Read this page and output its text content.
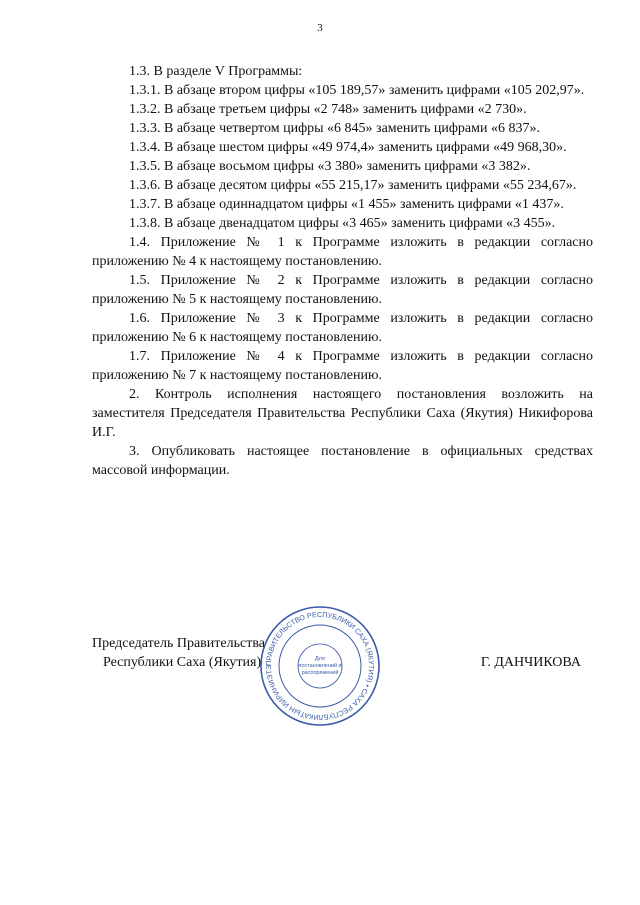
3

1.3. В разделе V Программы:

1.3.1. В абзаце втором цифры «105 189,57» заменить цифрами «105 202,97».

1.3.2. В абзаце третьем цифры «2 748» заменить цифрами «2 730».

1.3.3. В абзаце четвертом цифры «6 845» заменить цифрами «6 837».

1.3.4. В абзаце шестом цифры «49 974,4» заменить цифрами «49 968,30».

1.3.5. В абзаце восьмом цифры «3 380» заменить цифрами «3 382».

1.3.6. В абзаце десятом цифры «55 215,17» заменить цифрами «55 234,67».

1.3.7. В абзаце одиннадцатом цифры «1 455» заменить цифрами «1 437».

1.3.8. В абзаце двенадцатом цифры «3 465» заменить цифрами «3 455».

1.4. Приложение № 1 к Программе изложить в редакции согласно приложению № 4 к настоящему постановлению.

1.5. Приложение № 2 к Программе изложить в редакции согласно приложению № 5 к настоящему постановлению.

1.6. Приложение № 3 к Программе изложить в редакции согласно приложению № 6 к настоящему постановлению.

1.7. Приложение № 4 к Программе изложить в редакции согласно приложению № 7 к настоящему постановлению.

2. Контроль исполнения настоящего постановления возложить на заместителя Председателя Правительства Республики Саха (Якутия) Никифорова И.Г.

3. Опубликовать настоящее постановление в официальных средствах массовой информации.

Председатель Правительства
Республики Саха (Якутия)	Г. ДАНЧИКОВА
ПРАВИТЕЛЬСТВО РЕСПУБЛИКИ САХА (ЯКУТИЯ) • САХА РЕСПУБЛИКАТЫН ИИРИНИЭТЭ
Для
постановлений и
распоряжений
